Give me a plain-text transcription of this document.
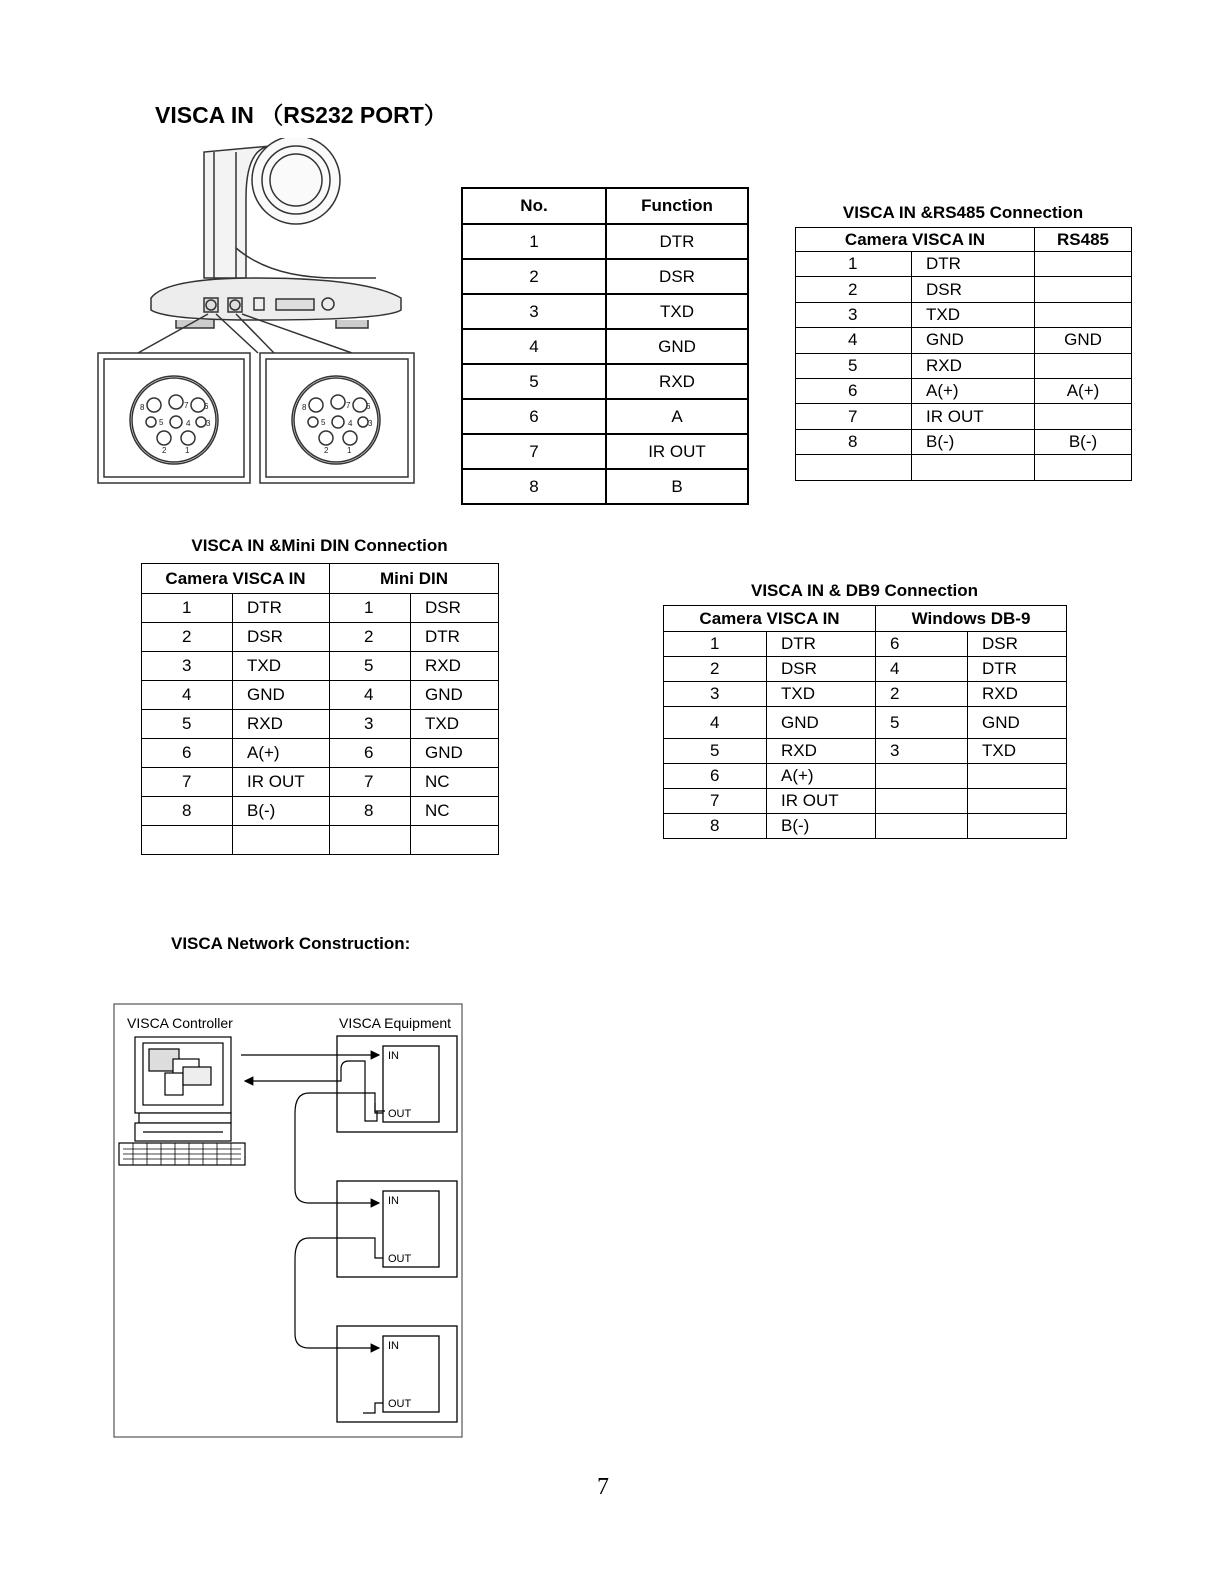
VISCA IN （RS232 PORT）
8	7 6
5	4 3
2 1
8	7 6
5	4 3
2 1
No.	Function
1	DTR
2	DSR
3	TXD
4	GND
5	RXD
6	A
7	IR OUT
8	B
VISCA IN &RS485 Connection
Camera VISCA IN		RS485
1	DTR	
2	DSR	
3	TXD	
4	GND	GND
5	RXD	
6	A(+)	A(+)
7	IR OUT	
8	B(-)	B(-)

VISCA IN &Mini DIN Connection
Camera VISCA IN		Mini DIN	
1	DTR	1	DSR
2	DSR	2	DTR
3	TXD	5	RXD
4	GND	4	GND
5	RXD	3	TXD
6	A(+)	6	GND
7	IR OUT	7	NC
8	B(-)	8	NC

VISCA IN & DB9 Connection
Camera VISCA IN		Windows DB-9	
1	DTR	6	DSR
2	DSR	4	DTR
3	TXD	2	RXD
4	GND	5	GND
5	RXD	3	TXD
6	A(+)		
7	IR OUT		
8	B(-)		
VISCA Network Construction:
VISCA Controller	VISCA Equipment
IN
OUT
IN
OUT
IN
OUT
7
